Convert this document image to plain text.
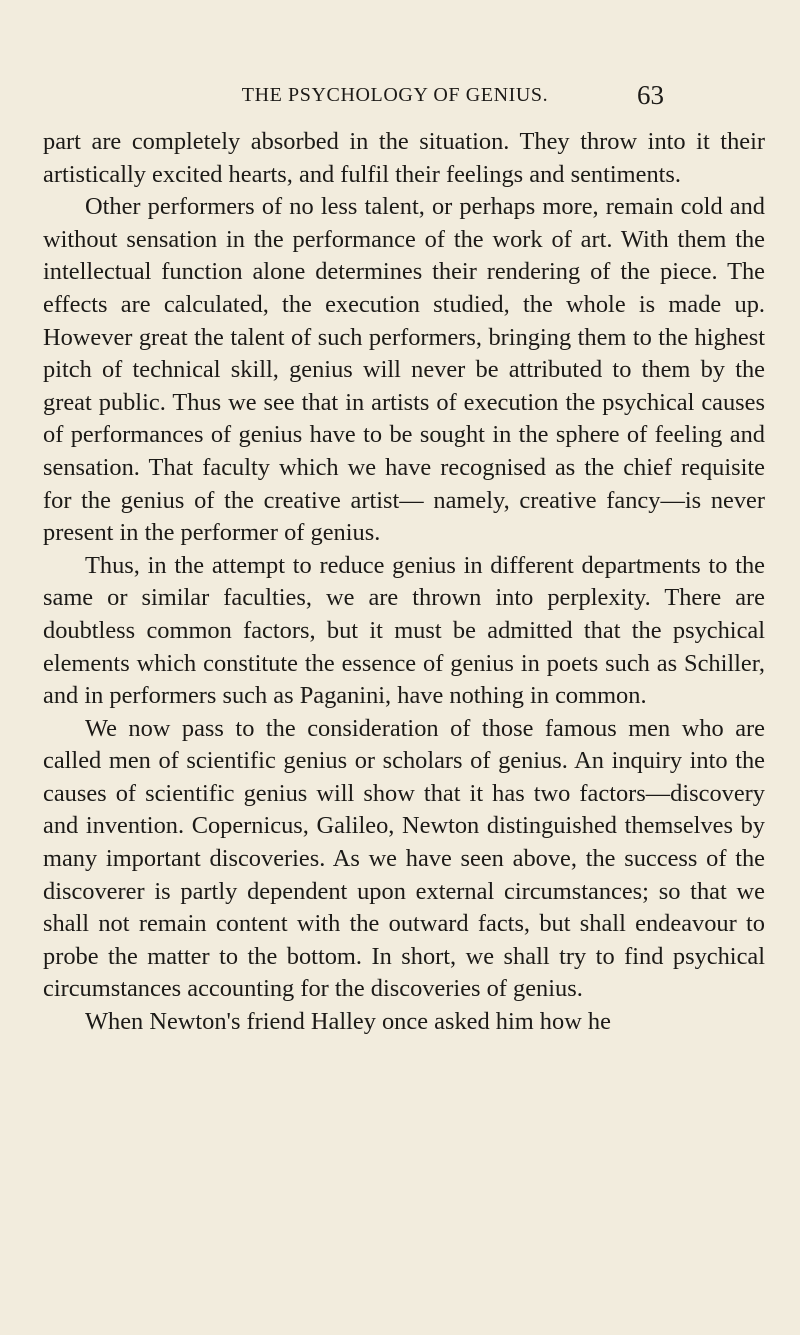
THE PSYCHOLOGY OF GENIUS.	63

part are completely absorbed in the situation. They throw into it their artistically excited hearts, and fulfil their feelings and sentiments.

Other performers of no less talent, or perhaps more, remain cold and without sensation in the performance of the work of art. With them the intellectual function alone determines their rendering of the piece. The effects are calculated, the execution studied, the whole is made up. However great the talent of such performers, bringing them to the highest pitch of technical skill, genius will never be attributed to them by the great public. Thus we see that in artists of execution the psychical causes of performances of genius have to be sought in the sphere of feeling and sensation. That faculty which we have recognised as the chief requisite for the genius of the creative artist— namely, creative fancy—is never present in the performer of genius.

Thus, in the attempt to reduce genius in different departments to the same or similar faculties, we are thrown into perplexity. There are doubtless common factors, but it must be admitted that the psychical elements which constitute the essence of genius in poets such as Schiller, and in performers such as Paganini, have nothing in common.

We now pass to the consideration of those famous men who are called men of scientific genius or scholars of genius. An inquiry into the causes of scientific genius will show that it has two factors—discovery and invention. Copernicus, Galileo, Newton distinguished themselves by many important discoveries. As we have seen above, the success of the discoverer is partly dependent upon external circumstances; so that we shall not remain content with the outward facts, but shall endeavour to probe the matter to the bottom. In short, we shall try to find psychical circumstances accounting for the discoveries of genius.

When Newton's friend Halley once asked him how he
